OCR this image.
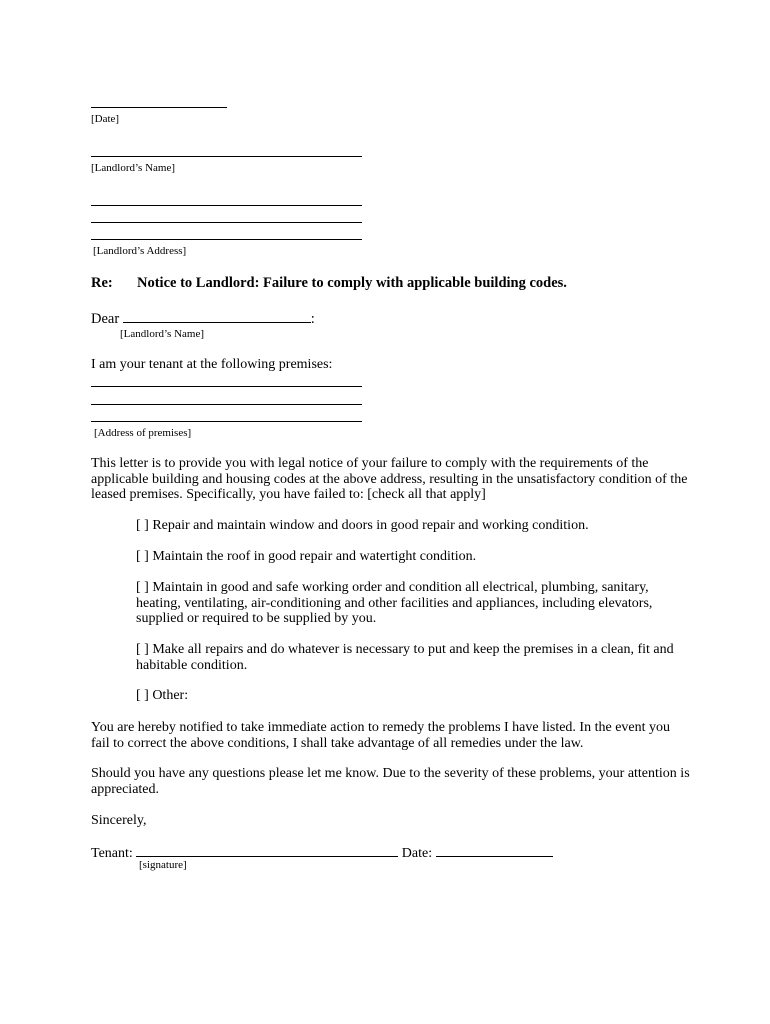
[Date]
[Landlord’s Name]
[Landlord’s Address]
Re: Notice to Landlord: Failure to comply with applicable building codes.
Dear	:
[Landlord’s Name]
I am your tenant at the following premises:
[Address of premises]
This letter is to provide you with legal notice of your failure to comply with the requirements of the applicable building and housing codes at the above address, resulting in the unsatisfactory condition of the leased premises. Specifically, you have failed to: [check all that apply]
[ ] Repair and maintain window and doors in good repair and working condition.
[ ] Maintain the roof in good repair and watertight condition.
[ ] Maintain in good and safe working order and condition all electrical, plumbing, sanitary, heating, ventilating, air-conditioning and other facilities and appliances, including elevators, supplied or required to be supplied by you.
[ ] Make all repairs and do whatever is necessary to put and keep the premises in a clean, fit and habitable condition.
[ ] Other:
You are hereby notified to take immediate action to remedy the problems I have listed. In the event you fail to correct the above conditions, I shall take advantage of all remedies under the law.
Should you have any questions please let me know. Due to the severity of these problems, your attention is appreciated.
Sincerely,
Tenant:	Date:
[signature]
